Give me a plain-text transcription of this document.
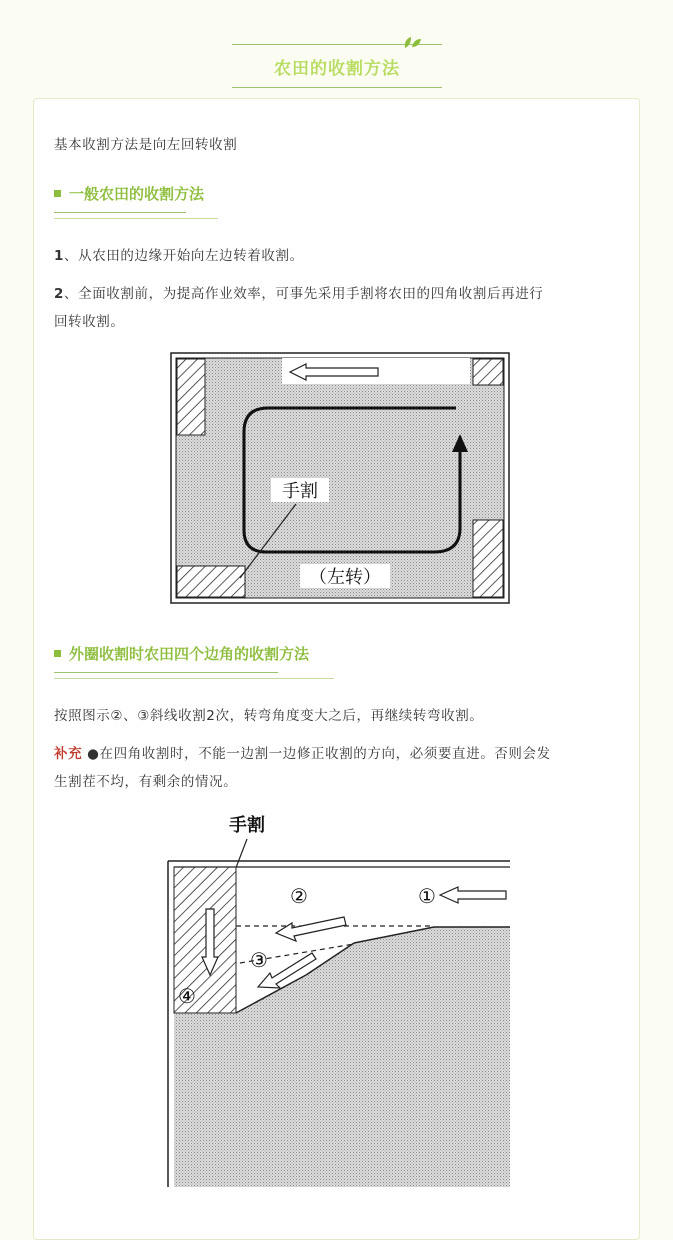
农田的收割方法
基本收割方法是向左回转收割
一般农田的收割方法
1、从农田的边缘开始向左边转着收割。
2、全面收割前，为提高作业效率，可事先采用手割将农田的四角收割后再进行
回转收割。
手割
（左转）
外圈收割时农田四个边角的收割方法
按照图示②、③斜线收割2次，转弯角度变大之后，再继续转弯收割。
补充 ●在四角收割时，不能一边割一边修正收割的方向，必须要直进。否则会发
生割茬不均，有剩余的情况。
手割
①
②
③
④
